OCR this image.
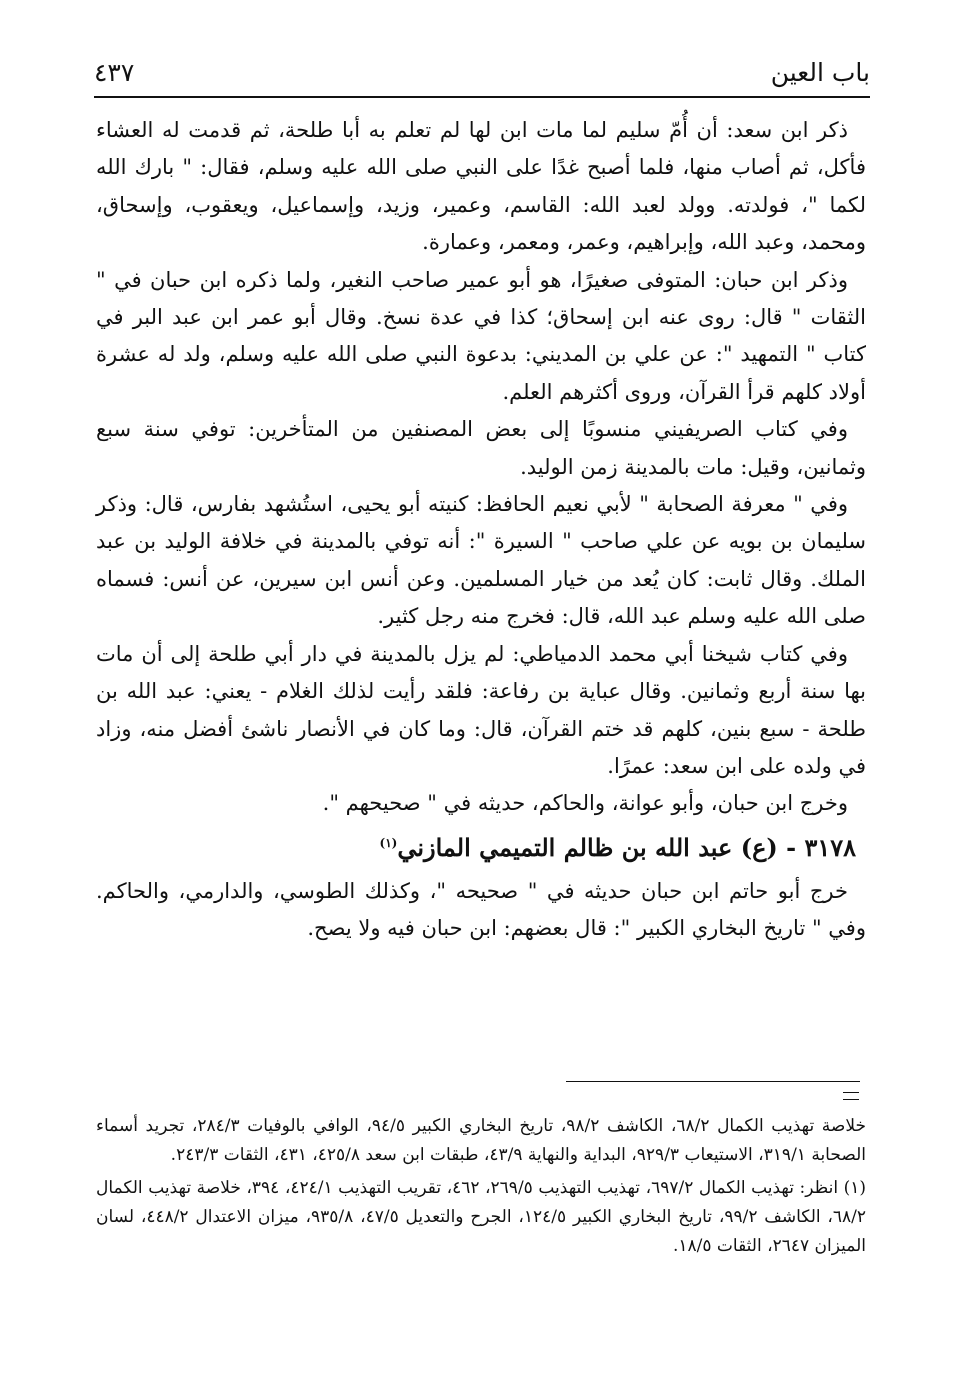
باب العين
٤٣٧

ذكر ابن سعد: أن أُمّ سليم لما مات ابن لها لم تعلم به أبا طلحة، ثم قدمت له العشاء فأكل، ثم أصاب منها، فلما أصبح غدًا على النبي صلى الله عليه وسلم، فقال: " بارك الله لكما "، فولدته. وولد لعبد الله: القاسم، وعمير، وزيد، وإسماعيل، ويعقوب، وإسحاق، ومحمد، وعبد الله، وإبراهيم، وعمر، ومعمر، وعمارة.

وذكر ابن حبان: المتوفى صغيرًا، هو أبو عمير صاحب النغير، ولما ذكره ابن حبان في " الثقات " قال: روى عنه ابن إسحاق؛ كذا في عدة نسخ. وقال أبو عمر ابن عبد البر في كتاب " التمهيد ": عن علي بن المديني: بدعوة النبي صلى الله عليه وسلم، ولد له عشرة أولاد كلهم قرأ القرآن، وروى أكثرهم العلم.

وفي كتاب الصريفيني منسوبًا إلى بعض المصنفين من المتأخرين: توفي سنة سبع وثمانين، وقيل: مات بالمدينة زمن الوليد.

وفي " معرفة الصحابة " لأبي نعيم الحافظ: كنيته أبو يحيى، استُشهد بفارس، قال: وذكر سليمان بن بويه عن علي صاحب " السيرة ": أنه توفي بالمدينة في خلافة الوليد بن عبد الملك. وقال ثابت: كان يُعد من خيار المسلمين. وعن أنس ابن سيرين، عن أنس: فسماه صلى الله عليه وسلم عبد الله، قال: فخرج منه رجل كثير.

وفي كتاب شيخنا أبي محمد الدمياطي: لم يزل بالمدينة في دار أبي طلحة إلى أن مات بها سنة أربع وثمانين. وقال عباية بن رفاعة: فلقد رأيت لذلك الغلام - يعني: عبد الله بن طلحة - سبع بنين، كلهم قد ختم القرآن، قال: وما كان في الأنصار ناشئ أفضل منه، وزاد في ولده على ابن سعد: عمرًا.

وخرج ابن حبان، وأبو عوانة، والحاكم، حديثه في " صحيحهم ".

٣١٧٨ - (ع) عبد الله بن ظالم التميمي المازني$^{(١)}$

خرج أبو حاتم ابن حبان حديثه في " صحيحه "، وكذلك الطوسي، والدارمي، والحاكم. وفي " تاريخ البخاري الكبير ": قال بعضهم: ابن حبان فيه ولا يصح.

خلاصة تهذيب الكمال ٦٨/٢، الكاشف ٩٨/٢، تاريخ البخاري الكبير ٩٤/٥، الوافي بالوفيات ٢٨٤/٣، تجريد أسماء الصحابة ٣١٩/١، الاستيعاب ٩٢٩/٣، البداية والنهاية ٤٣/٩، طبقات ابن سعد ٤٢٥/٨، ٤٣١، الثقات ٢٤٣/٣.

(١) انظر: تهذيب الكمال ٦٩٧/٢، تهذيب التهذيب ٢٦٩/٥، ٤٦٢، تقريب التهذيب ٤٢٤/١، ٣٩٤، خلاصة تهذيب الكمال ٦٨/٢، الكاشف ٩٩/٢، تاريخ البخاري الكبير ١٢٤/٥، الجرح والتعديل ٤٧/٥، ٩٣٥/٨، ميزان الاعتدال ٤٤٨/٢، لسان الميزان ٢٦٤٧، الثقات ١٨/٥.
